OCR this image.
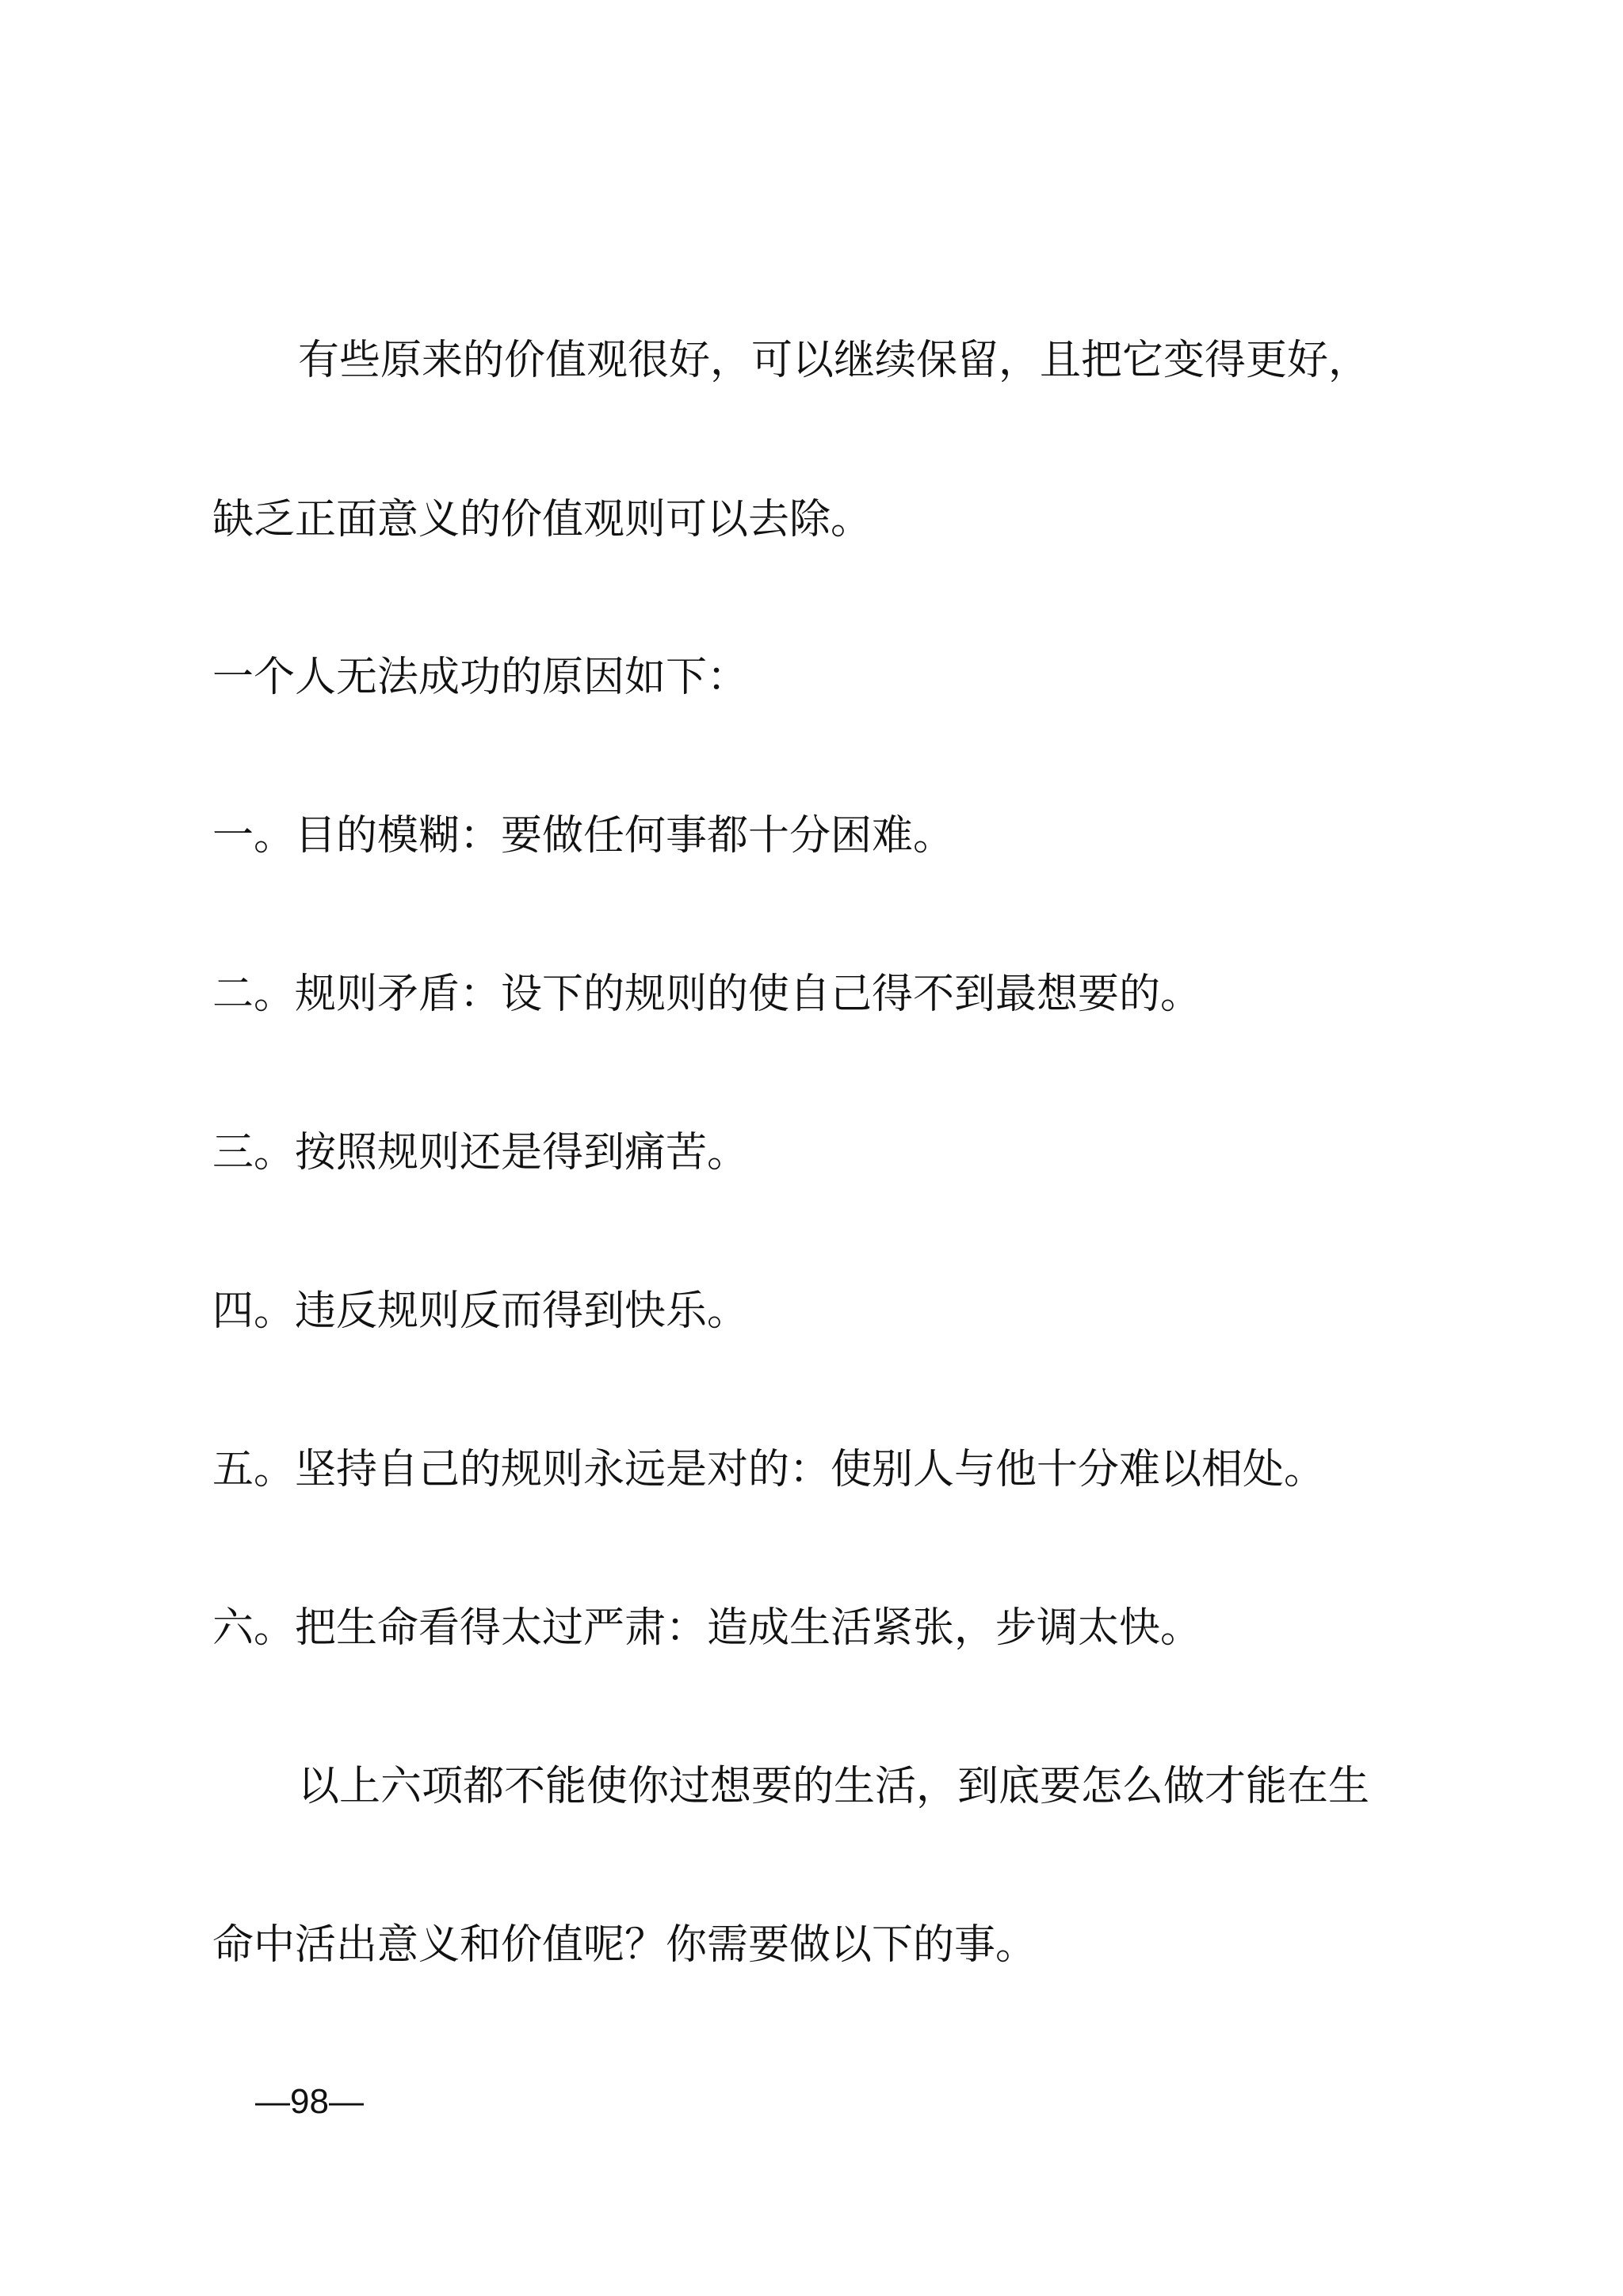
有些原来的价值观很好，可以继续保留，且把它变得更好，
缺乏正面意义的价值观则可以去除。
一个人无法成功的原因如下：
一。目的模糊：要做任何事都十分困难。
二。规则矛盾：设下的规则的使自己得不到最想要的。
三。按照规则还是得到痛苦。
四。违反规则反而得到快乐。
五。坚持自己的规则永远是对的：使别人与他十分难以相处。
六。把生命看得太过严肃：造成生活紧张，步调太快。
以上六项都不能使你过想要的生活，到底要怎么做才能在生
命中活出意义和价值呢？你需要做以下的事。
—98—
